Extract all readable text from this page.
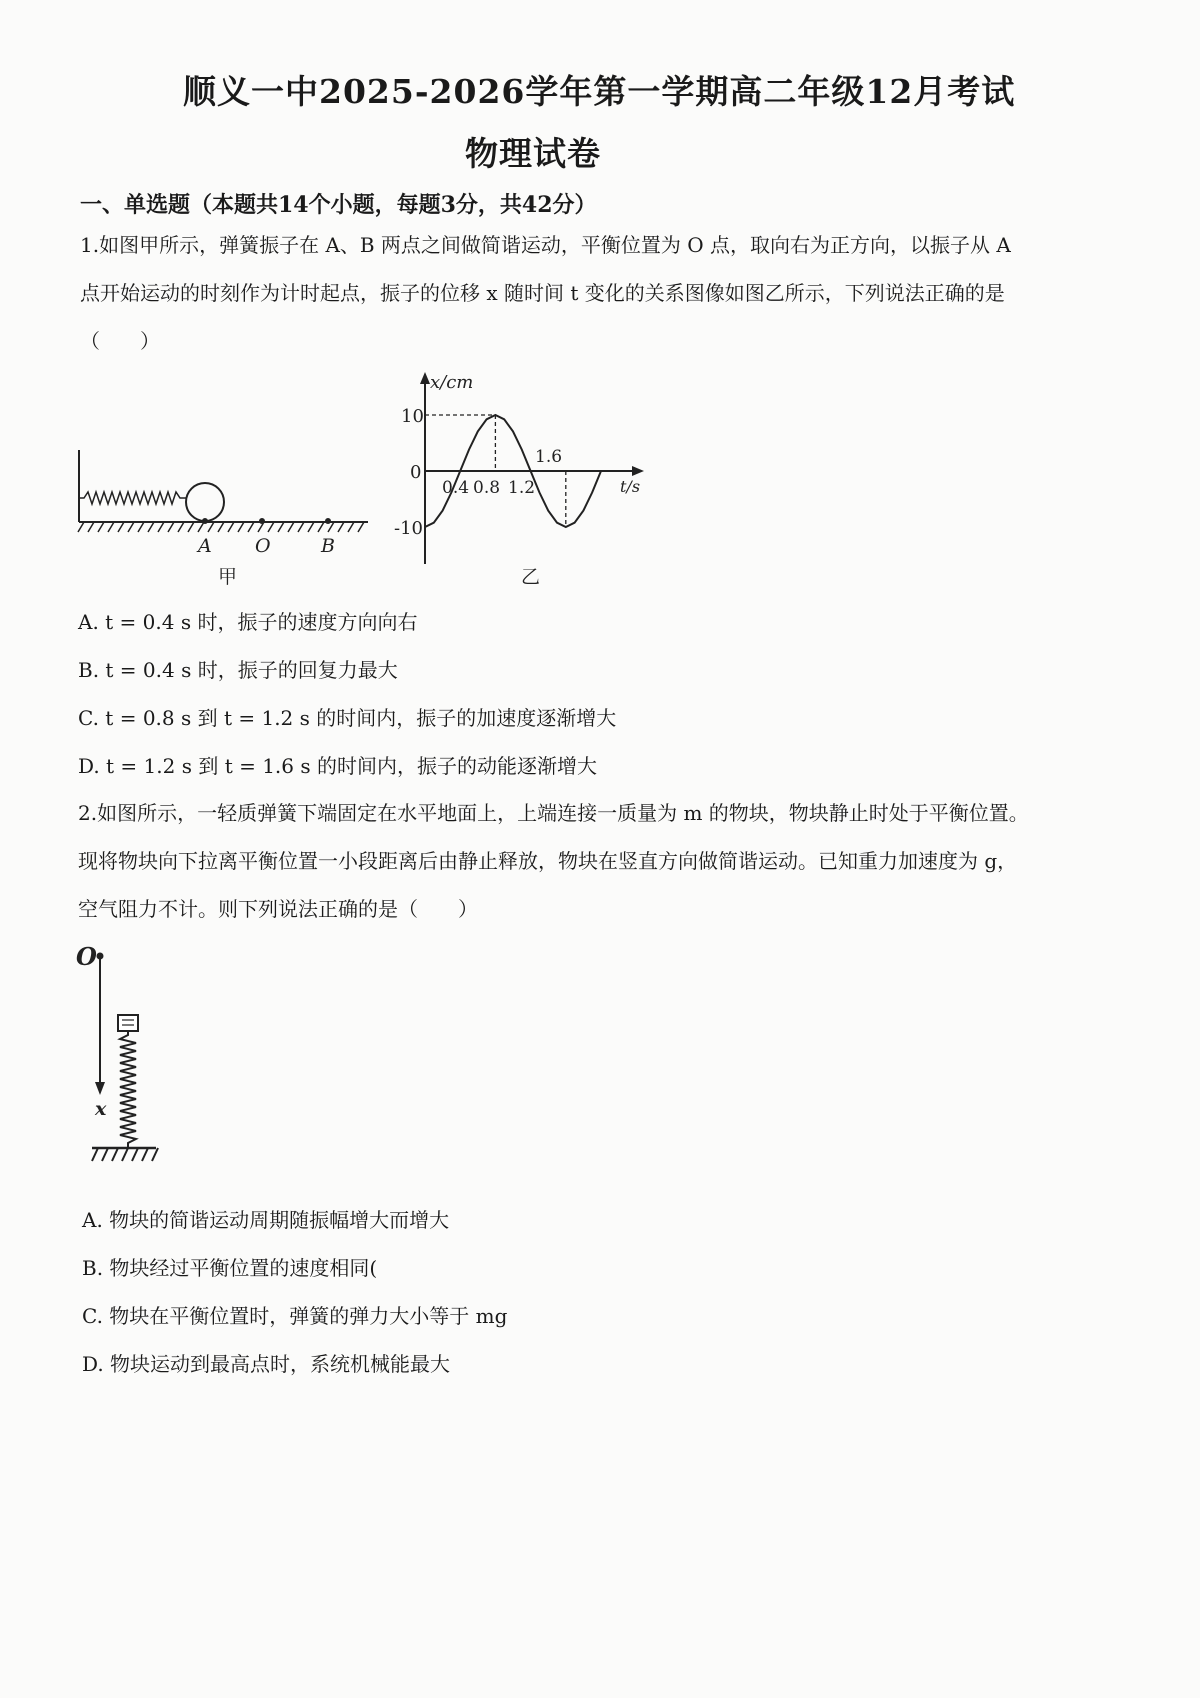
顺义一中2025-2026学年第一学期高二年级12月考试
物理试卷
一、单选题（本题共14个小题，每题3分，共42分）
1.如图甲所示，弹簧振子在 A、B 两点之间做简谐运动，平衡位置为 O 点，取向右为正方向，以振子从 A
点开始运动的时刻作为计时起点，振子的位移 x 随时间 t 变化的关系图像如图乙所示，下列说法正确的是
（　　）
A O	B
甲
x/cm
t/s
10
0
-10
0.4 0.8 1.2
1.6
乙
A. t = 0.4 s 时，振子的速度方向向右
B. t = 0.4 s 时，振子的回复力最大
C. t = 0.8 s 到 t = 1.2 s 的时间内，振子的加速度逐渐增大
D. t = 1.2 s 到 t = 1.6 s 的时间内，振子的动能逐渐增大
2.如图所示，一轻质弹簧下端固定在水平地面上，上端连接一质量为 m 的物块，物块静止时处于平衡位置。
现将物块向下拉离平衡位置一小段距离后由静止释放，物块在竖直方向做简谐运动。已知重力加速度为 g，
空气阻力不计。则下列说法正确的是（　　）
O
x
A. 物块的简谐运动周期随振幅增大而增大
B. 物块经过平衡位置的速度相同(
C. 物块在平衡位置时，弹簧的弹力大小等于 mg
D. 物块运动到最高点时，系统机械能最大
